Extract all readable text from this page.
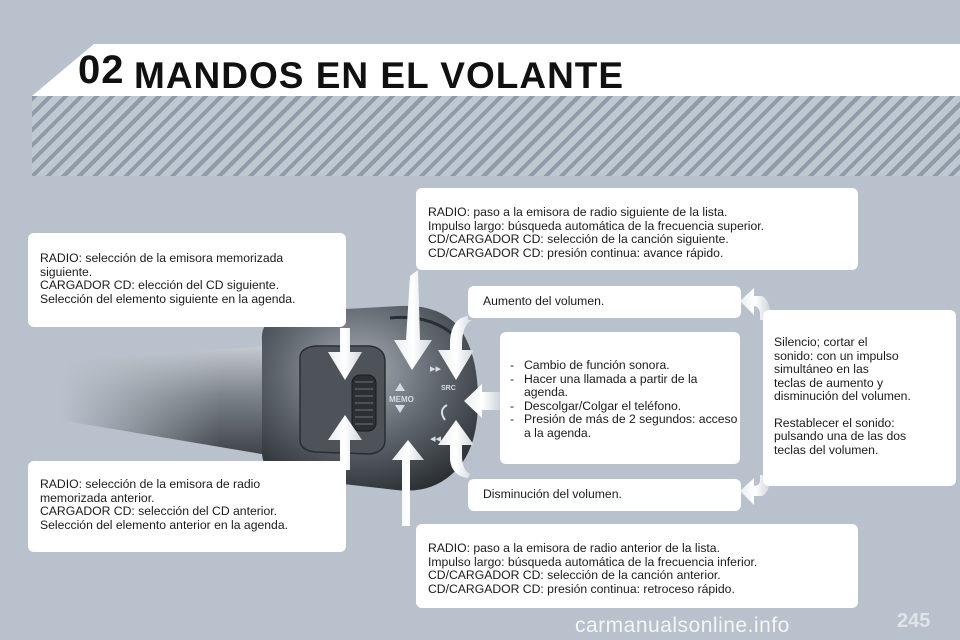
02 MANDOS EN EL VOLANTE
MEMO
▸▸
SRC
◂◂
RADIO: selección de la emisora memorizada
siguiente.
CARGADOR CD: elección del CD siguiente.
Selección del elemento siguiente en la agenda.
RADIO: selección de la emisora de radio
memorizada anterior.
CARGADOR CD: selección del CD anterior.
Selección del elemento anterior en la agenda.
RADIO: paso a la emisora de radio siguiente de la lista.
Impulso largo: búsqueda automática de la frecuencia superior.
CD/CARGADOR CD: selección de la canción siguiente.
CD/CARGADOR CD: presión continua: avance rápido.
RADIO: paso a la emisora de radio anterior de la lista.
Impulso largo: búsqueda automática de la frecuencia inferior.
CD/CARGADOR CD: selección de la canción anterior.
CD/CARGADOR CD: presión continua: retroceso rápido.
Aumento del volumen.
Disminución del volumen.
- Cambio de función sonora.
- Hacer una llamada a partir de la agenda.
- Descolgar/Colgar el teléfono.
- Presión de más de 2 segundos: acceso a la agenda.
Silencio; cortar el
sonido: con un impulso
simultáneo en las
teclas de aumento y
disminución del volumen.
Restablecer el sonido:
pulsando una de las dos
teclas del volumen.
carmanualsonline.info	245
